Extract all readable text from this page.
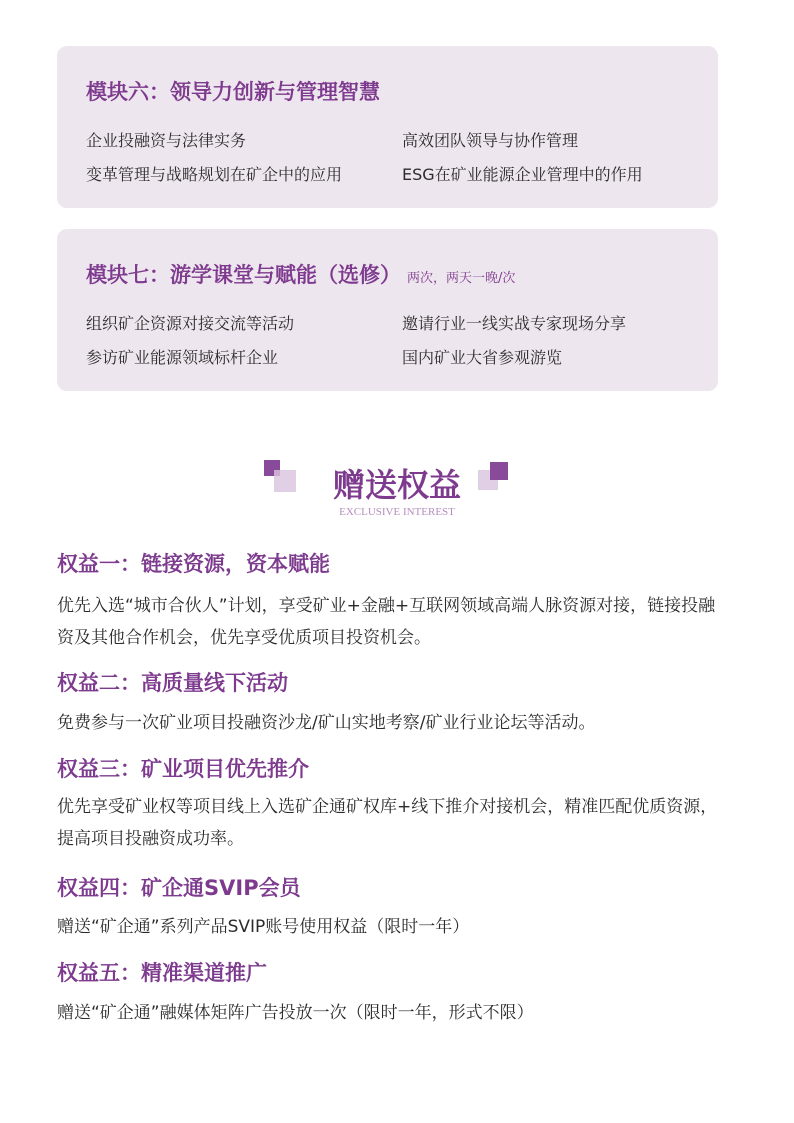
模块六：领导力创新与管理智慧
企业投融资与法律实务	高效团队领导与协作管理
变革管理与战略规划在矿企中的应用	ESG在矿业能源企业管理中的作用
模块七：游学课堂与赋能（选修） 两次，两天一晚/次
组织矿企资源对接交流等活动	邀请行业一线实战专家现场分享
参访矿业能源领域标杆企业	国内矿业大省参观游览
赠送权益
EXCLUSIVE INTEREST
权益一：链接资源，资本赋能
优先入选“城市合伙人”计划，享受矿业+金融+互联网领域高端人脉资源对接，链接投融资及其他合作机会，优先享受优质项目投资机会。
权益二：高质量线下活动
免费参与一次矿业项目投融资沙龙/矿山实地考察/矿业行业论坛等活动。
权益三：矿业项目优先推介
优先享受矿业权等项目线上入选矿企通矿权库+线下推介对接机会，精准匹配优质资源，提高项目投融资成功率。
权益四：矿企通SVIP会员
赠送“矿企通”系列产品SVIP账号使用权益（限时一年）
权益五：精准渠道推广
赠送“矿企通”融媒体矩阵广告投放一次（限时一年，形式不限）
